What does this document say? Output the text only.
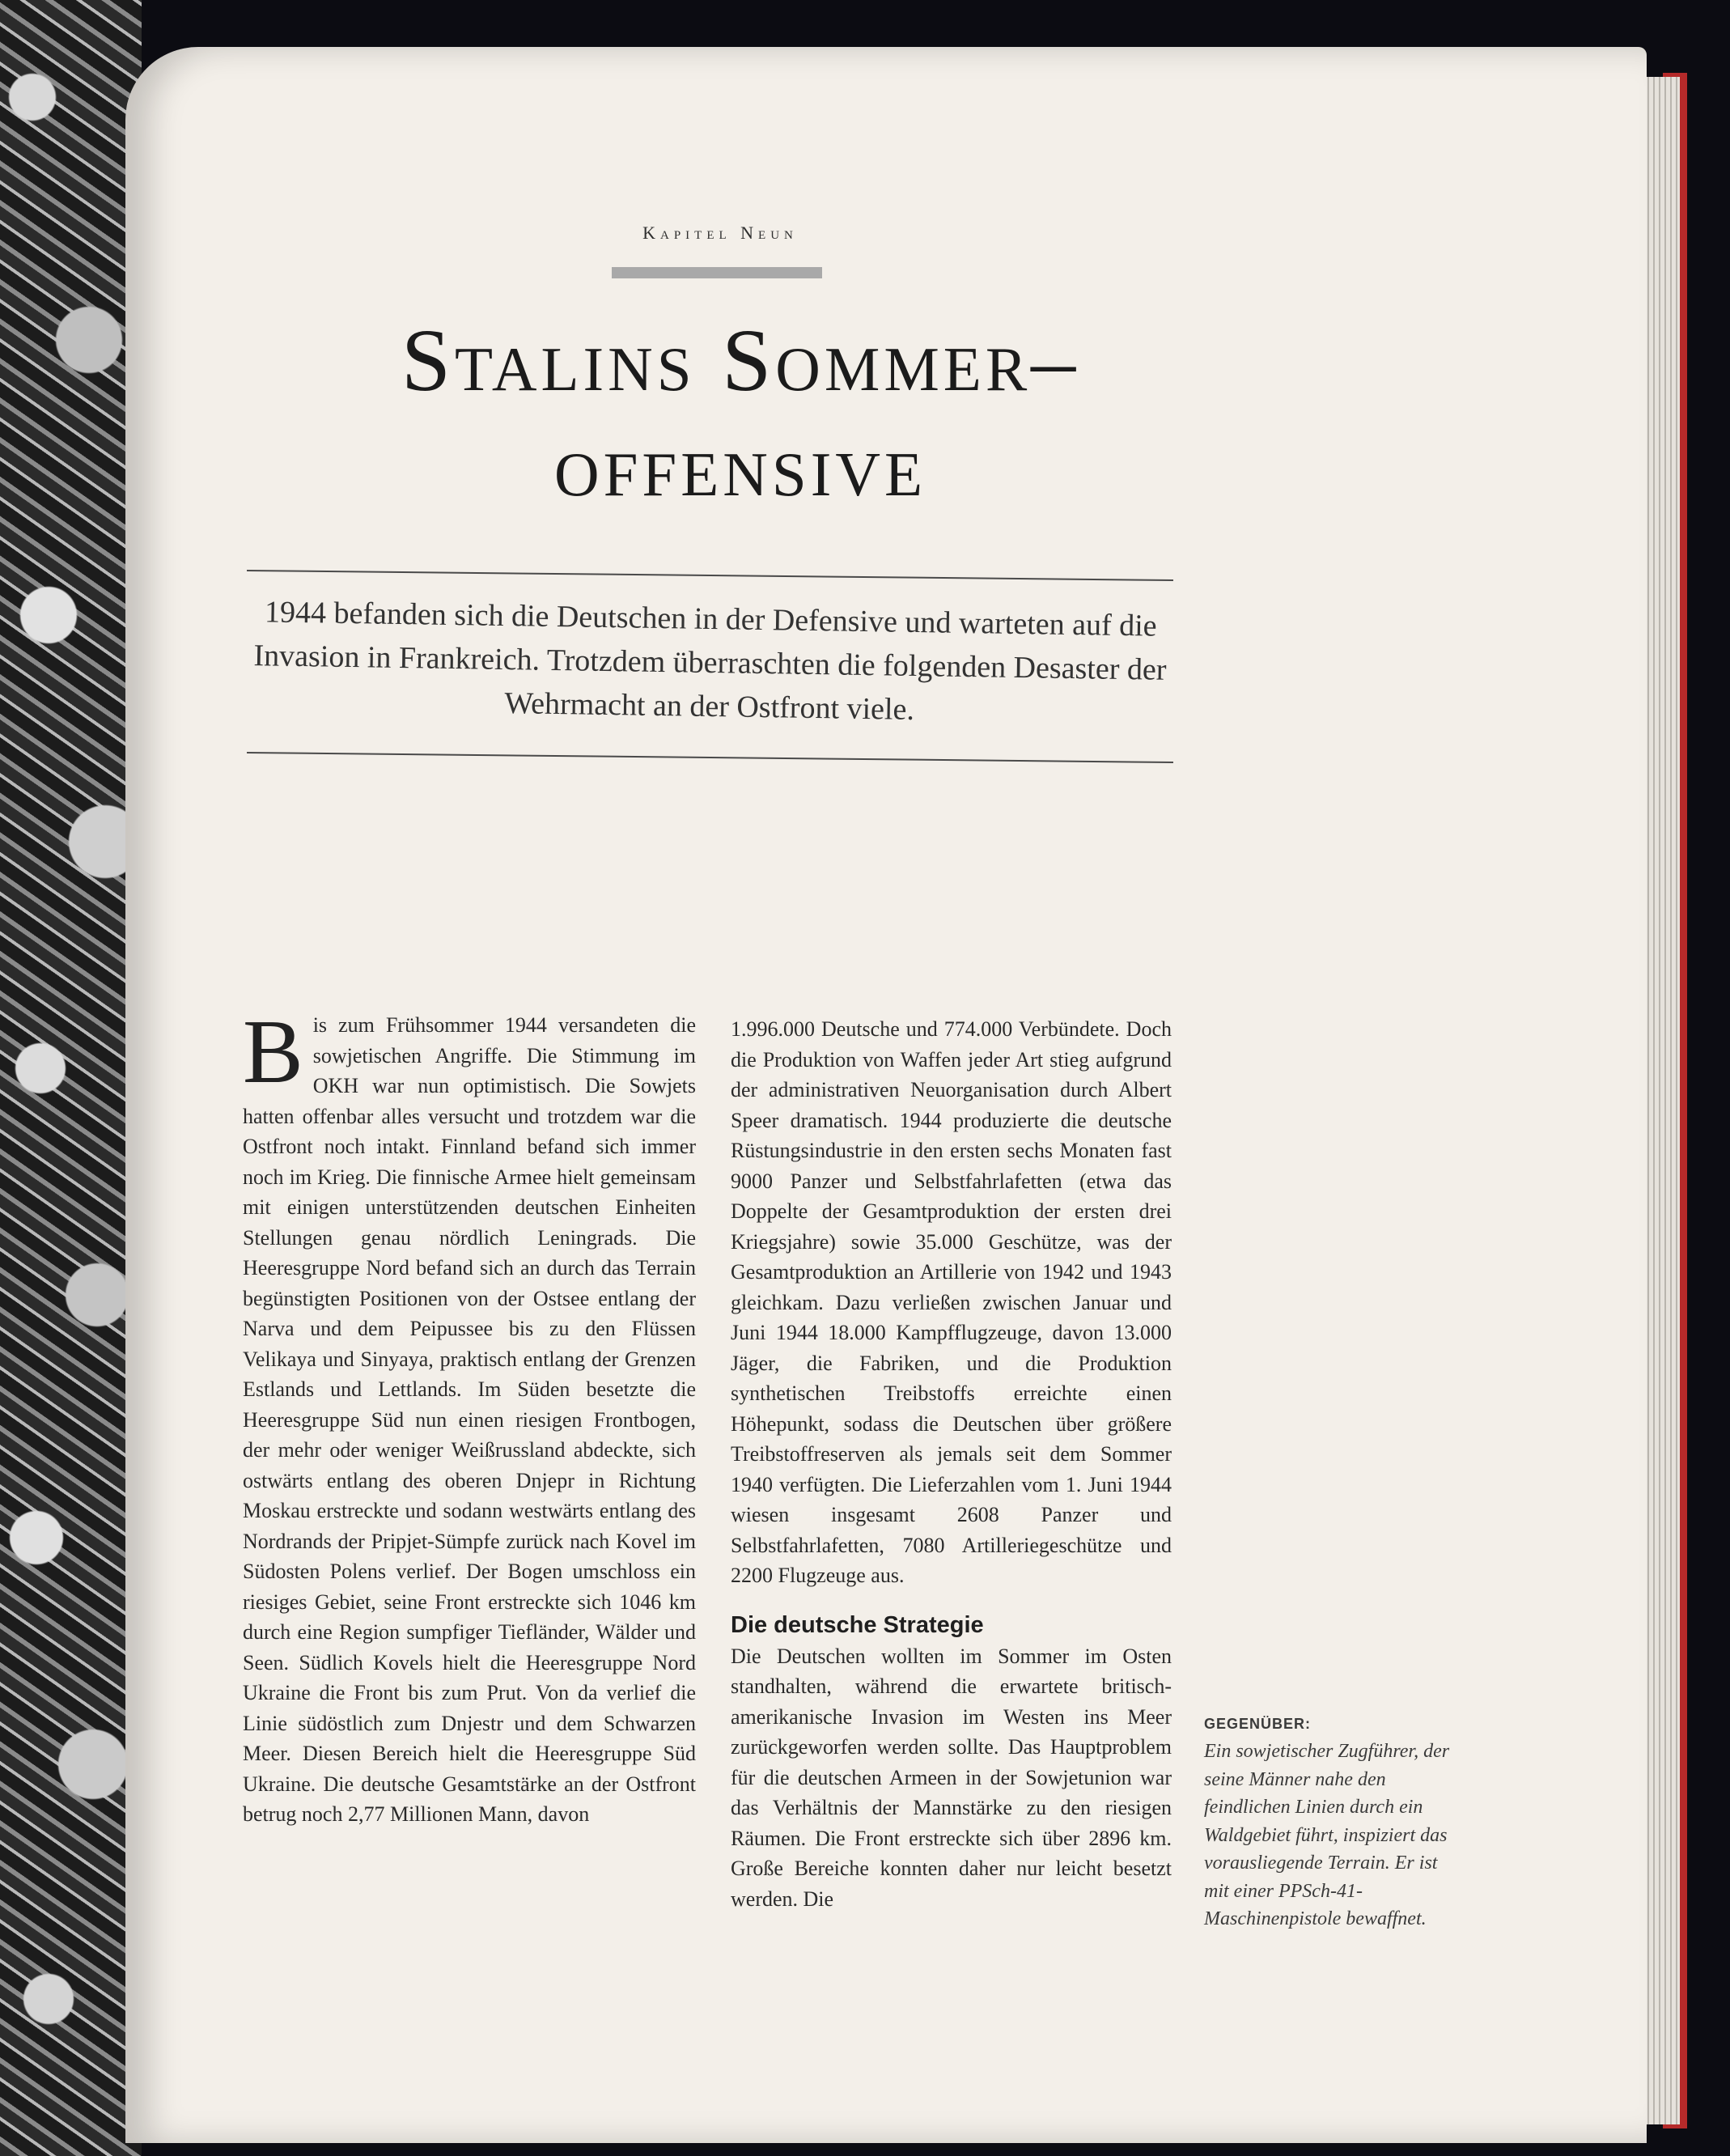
Kapitel Neun
Stalins Sommer–
offensive
1944 befanden sich die Deutschen in der Defensive und warteten auf die Invasion in Frankreich. Trotzdem überraschten die folgenden Desaster der Wehrmacht an der Ostfront viele.
B is zum Frühsommer 1944 versandeten die sowjetischen Angriffe. Die Stimmung im OKH war nun optimistisch. Die Sowjets hatten offenbar alles versucht und trotzdem war die Ostfront noch intakt. Finnland befand sich immer noch im Krieg. Die finnische Armee hielt gemeinsam mit einigen unterstützenden deutschen Einheiten Stellungen genau nördlich Leningrads. Die Heeresgruppe Nord befand sich an durch das Terrain begünstigten Positionen von der Ostsee entlang der Narva und dem Peipussee bis zu den Flüssen Velikaya und Sinyaya, praktisch entlang der Grenzen Estlands und Lettlands. Im Süden besetzte die Heeresgruppe Süd nun einen riesigen Frontbogen, der mehr oder weniger Weißrussland abdeckte, sich ostwärts entlang des oberen Dnjepr in Richtung Moskau erstreckte und sodann westwärts entlang des Nordrands der Pripjet-Sümpfe zurück nach Kovel im Südosten Polens verlief. Der Bogen umschloss ein riesiges Gebiet, seine Front erstreckte sich 1046 km durch eine Region sumpfiger Tiefländer, Wälder und Seen. Südlich Kovels hielt die Heeresgruppe Nord Ukraine die Front bis zum Prut. Von da verlief die Linie südöstlich zum Dnjestr und dem Schwarzen Meer. Diesen Bereich hielt die Heeresgruppe Süd Ukraine. Die deutsche Gesamtstärke an der Ostfront betrug noch 2,77 Millionen Mann, davon

1.996.000 Deutsche und 774.000 Verbündete. Doch die Produktion von Waffen jeder Art stieg aufgrund der administrativen Neuorganisation durch Albert Speer dramatisch. 1944 produzierte die deutsche Rüstungsindustrie in den ersten sechs Monaten fast 9000 Panzer und Selbstfahrlafetten (etwa das Doppelte der Gesamtproduktion der ersten drei Kriegsjahre) sowie 35.000 Geschütze, was der Gesamtproduktion an Artillerie von 1942 und 1943 gleichkam. Dazu verließen zwischen Januar und Juni 1944 18.000 Kampfflugzeuge, davon 13.000 Jäger, die Fabriken, und die Produktion synthetischen Treibstoffs erreichte einen Höhepunkt, sodass die Deutschen über größere Treibstoffreserven als jemals seit dem Sommer 1940 verfügten. Die Lieferzahlen vom 1. Juni 1944 wiesen insgesamt 2608 Panzer und Selbstfahrlafetten, 7080 Artilleriegeschütze und 2200 Flugzeuge aus.

Die deutsche Strategie

Die Deutschen wollten im Sommer im Osten standhalten, während die erwartete britisch-amerikanische Invasion im Westen ins Meer zurückgeworfen werden sollte. Das Hauptproblem für die deutschen Armeen in der Sowjetunion war das Verhältnis der Mannstärke zu den riesigen Räumen. Die Front erstreckte sich über 2896 km. Große Bereiche konnten daher nur leicht besetzt werden. Die

GEGENÜBER:
Ein sowjetischer Zugführer, der seine Männer nahe den feindlichen Linien durch ein Waldgebiet führt, inspiziert das vorausliegende Terrain. Er ist mit einer PPSch-41-Maschinenpistole bewaffnet.
